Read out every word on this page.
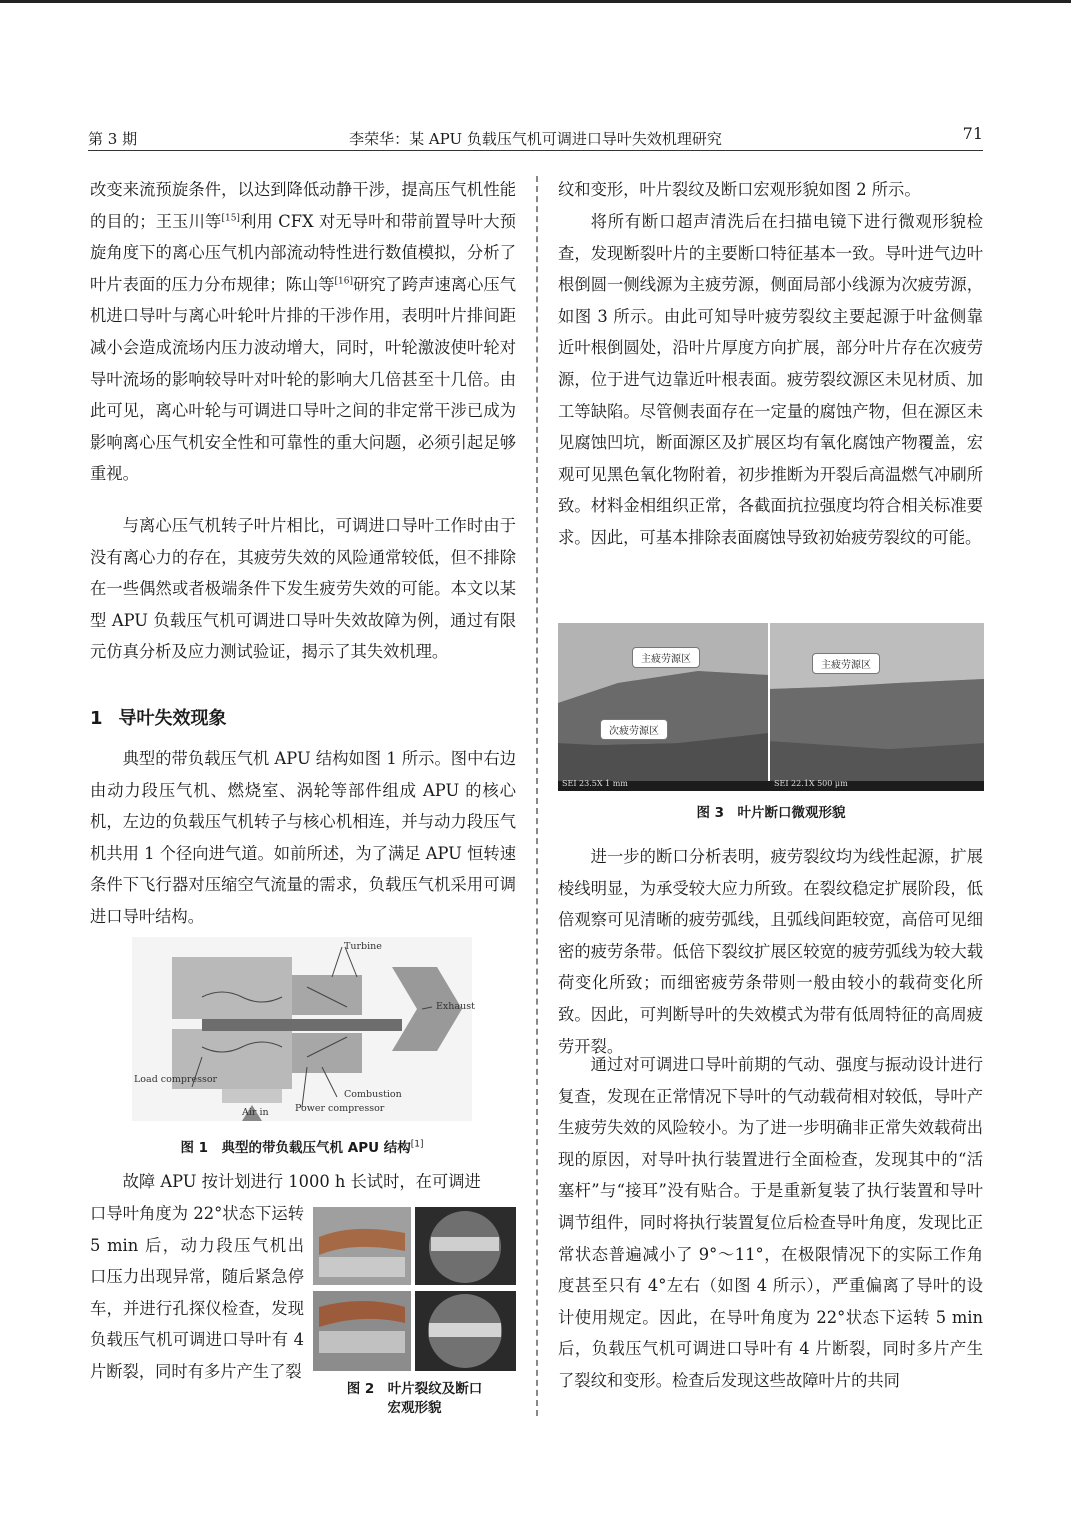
第 3 期	李荣华：某 APU 负载压气机可调进口导叶失效机理研究	71

改变来流预旋条件，以达到降低动静干涉，提高压气机性能的目的；王玉川等[15]利用 CFX 对无导叶和带前置导叶大预旋角度下的离心压气机内部流动特性进行数值模拟，分析了叶片表面的压力分布规律；陈山等[16]研究了跨声速离心压气机进口导叶与离心叶轮叶片排的干涉作用，表明叶片排间距减小会造成流场内压力波动增大，同时，叶轮激波使叶轮对导叶流场的影响较导叶对叶轮的影响大几倍甚至十几倍。由此可见，离心叶轮与可调进口导叶之间的非定常干涉已成为影响离心压气机安全性和可靠性的重大问题，必须引起足够重视。

与离心压气机转子叶片相比，可调进口导叶工作时由于没有离心力的存在，其疲劳失效的风险通常较低，但不排除在一些偶然或者极端条件下发生疲劳失效的可能。本文以某型 APU 负载压气机可调进口导叶失效故障为例，通过有限元仿真分析及应力测试验证，揭示了其失效机理。

1 导叶失效现象

典型的带负载压气机 APU 结构如图 1 所示。图中右边由动力段压气机、燃烧室、涡轮等部件组成 APU 的核心机，左边的负载压气机转子与核心机相连，并与动力段压气机共用 1 个径向进气道。如前所述，为了满足 APU 恒转速条件下飞行器对压缩空气流量的需求，负载压气机采用可调进口导叶结构。

Turbine
Exhaust
Load compressor
Combustion
Air in	Power compressor
图 1　典型的带负载压气机 APU 结构[1]

故障 APU 按计划进行 1000 h 长试时，在可调进

口导叶角度为 22°状态下运转 5 min 后，动力段压气机出口压力出现异常，随后紧急停车，并进行孔探仪检查，发现负载压气机可调进口导叶有 4 片断裂，同时有多片产生了裂

图 2　叶片裂纹及断口
宏观形貌

纹和变形，叶片裂纹及断口宏观形貌如图 2 所示。

将所有断口超声清洗后在扫描电镜下进行微观形貌检查，发现断裂叶片的主要断口特征基本一致。导叶进气边叶根倒圆一侧线源为主疲劳源，侧面局部小线源为次疲劳源，如图 3 所示。由此可知导叶疲劳裂纹主要起源于叶盆侧靠近叶根倒圆处，沿叶片厚度方向扩展，部分叶片存在次疲劳源，位于进气边靠近叶根表面。疲劳裂纹源区未见材质、加工等缺陷。尽管侧表面存在一定量的腐蚀产物，但在源区未见腐蚀凹坑，断面源区及扩展区均有氧化腐蚀产物覆盖，宏观可见黑色氧化物附着，初步推断为开裂后高温燃气冲刷所致。材料金相组织正常，各截面抗拉强度均符合相关标准要求。因此，可基本排除表面腐蚀导致初始疲劳裂纹的可能。

主疲劳源区
主疲劳源区
次疲劳源区
SEI 23.5X 1 mm	SEI 22.1X 500 μm
图 3　叶片断口微观形貌

进一步的断口分析表明，疲劳裂纹均为线性起源，扩展棱线明显，为承受较大应力所致。在裂纹稳定扩展阶段，低倍观察可见清晰的疲劳弧线，且弧线间距较宽，高倍可见细密的疲劳条带。低倍下裂纹扩展区较宽的疲劳弧线为较大载荷变化所致；而细密疲劳条带则一般由较小的载荷变化所致。因此，可判断导叶的失效模式为带有低周特征的高周疲劳开裂。

通过对可调进口导叶前期的气动、强度与振动设计进行复查，发现在正常情况下导叶的气动载荷相对较低，导叶产生疲劳失效的风险较小。为了进一步明确非正常失效载荷出现的原因，对导叶执行装置进行全面检查，发现其中的“活塞杆”与“接耳”没有贴合。于是重新复装了执行装置和导叶调节组件，同时将执行装置复位后检查导叶角度，发现比正常状态普遍减小了 9°～11°，在极限情况下的实际工作角度甚至只有 4°左右（如图 4 所示），严重偏离了导叶的设计使用规定。因此，在导叶角度为 22°状态下运转 5 min 后，负载压气机可调进口导叶有 4 片断裂，同时多片产生了裂纹和变形。检查后发现这些故障叶片的共同
